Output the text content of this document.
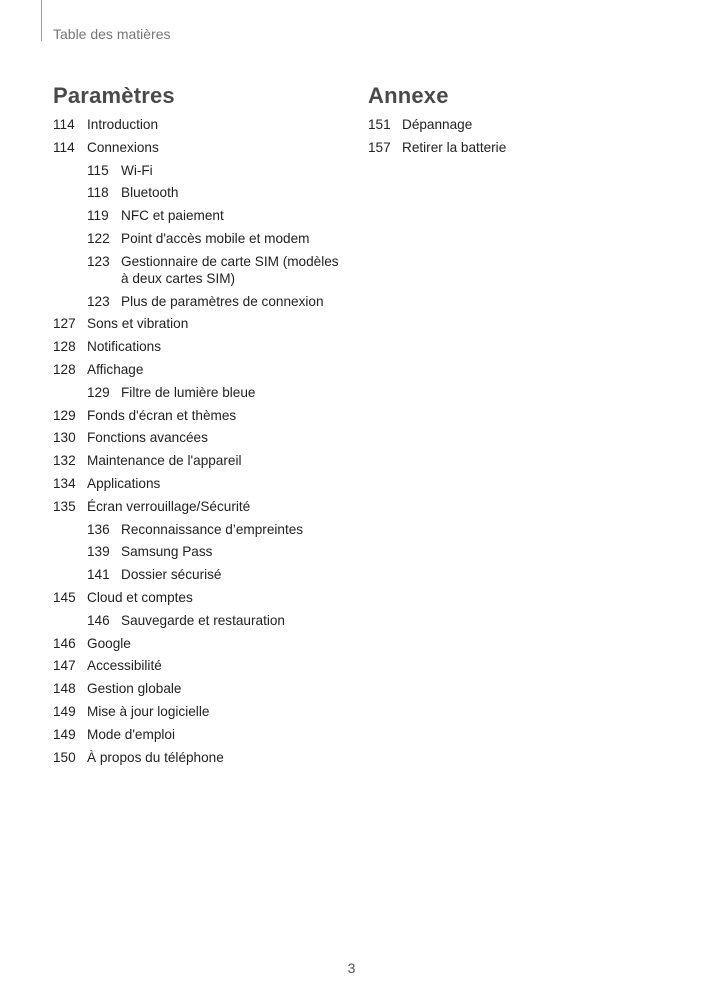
Table des matières
Paramètres	Annexe
114 Introduction
114 Connexions
115 Wi-Fi
118 Bluetooth
119 NFC et paiement
122 Point d'accès mobile et modem
123 Gestionnaire de carte SIM (modèles à deux cartes SIM)
123 Plus de paramètres de connexion
127 Sons et vibration
128 Notifications
128 Affichage
129 Filtre de lumière bleue
129 Fonds d'écran et thèmes
130 Fonctions avancées
132 Maintenance de l'appareil
134 Applications
135 Écran verrouillage/Sécurité
136 Reconnaissance d’empreintes
139 Samsung Pass
141 Dossier sécurisé
145 Cloud et comptes
146 Sauvegarde et restauration
146 Google
147 Accessibilité
148 Gestion globale
149 Mise à jour logicielle
149 Mode d'emploi
150 À propos du téléphone
151 Dépannage
157 Retirer la batterie
3
